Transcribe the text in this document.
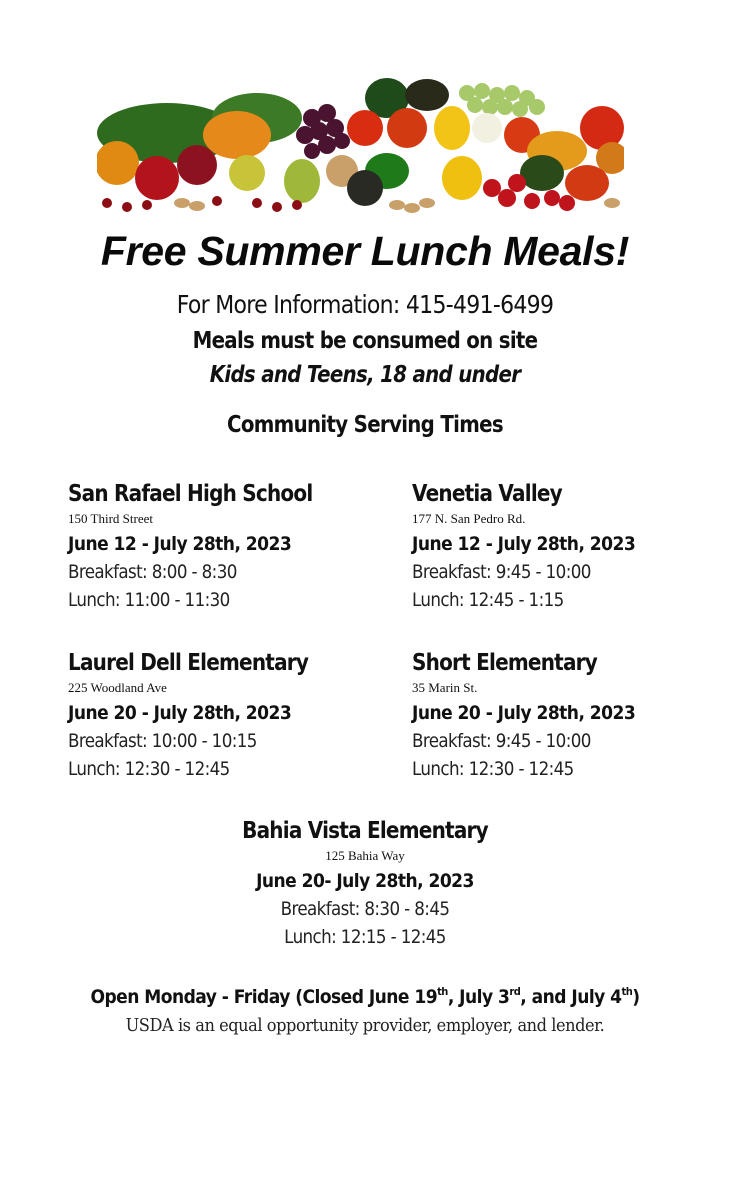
Free Summer Lunch Meals!
For More Information: 415-491-6499
Meals must be consumed on site
Kids and Teens, 18 and under
Community Serving Times
San Rafael High School
150 Third Street
June 12 - July 28th, 2023
Breakfast: 8:00 - 8:30
Lunch: 11:00 - 11:30
Venetia Valley
177 N. San Pedro Rd.
June 12 - July 28th, 2023
Breakfast: 9:45 - 10:00
Lunch: 12:45 - 1:15
Laurel Dell Elementary
225 Woodland Ave
June 20 - July 28th, 2023
Breakfast: 10:00 - 10:15
Lunch: 12:30 - 12:45
Short Elementary
35 Marin St.
June 20 - July 28th, 2023
Breakfast: 9:45 - 10:00
Lunch: 12:30 - 12:45
Bahia Vista Elementary
125 Bahia Way
June 20- July 28th, 2023
Breakfast: 8:30 - 8:45
Lunch: 12:15 - 12:45
Open Monday - Friday (Closed June 19th, July 3rd, and July 4th)
USDA is an equal opportunity provider, employer, and lender.
